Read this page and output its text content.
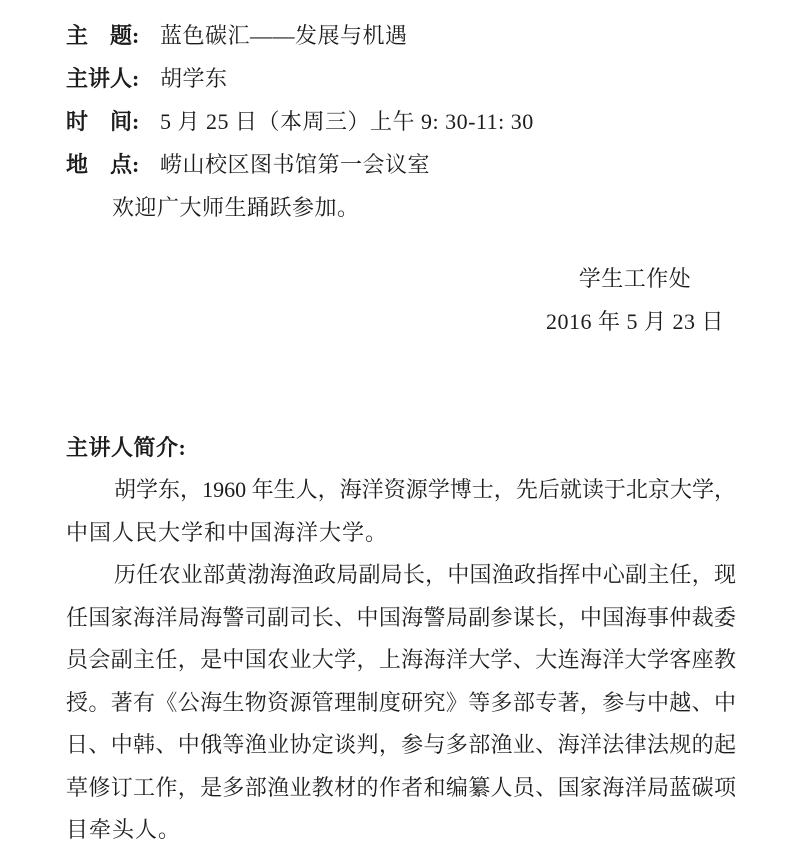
主　题: 蓝色碳汇——发展与机遇
主讲人: 胡学东
时　间: 5 月 25 日（本周三）上午 9: 30-11: 30
地　点: 崂山校区图书馆第一会议室
欢迎广大师生踊跃参加。
学生工作处
2016 年 5 月 23 日
主讲人简介:
胡学东，1960 年生人，海洋资源学博士，先后就读于北京大学，
中国人民大学和中国海洋大学。
历任农业部黄渤海渔政局副局长，中国渔政指挥中心副主任，现
任国家海洋局海警司副司长、中国海警局副参谋长，中国海事仲裁委
员会副主任，是中国农业大学，上海海洋大学、大连海洋大学客座教
授。著有《公海生物资源管理制度研究》等多部专著，参与中越、中
日、中韩、中俄等渔业协定谈判，参与多部渔业、海洋法律法规的起
草修订工作，是多部渔业教材的作者和编纂人员、国家海洋局蓝碳项
目牵头人。
